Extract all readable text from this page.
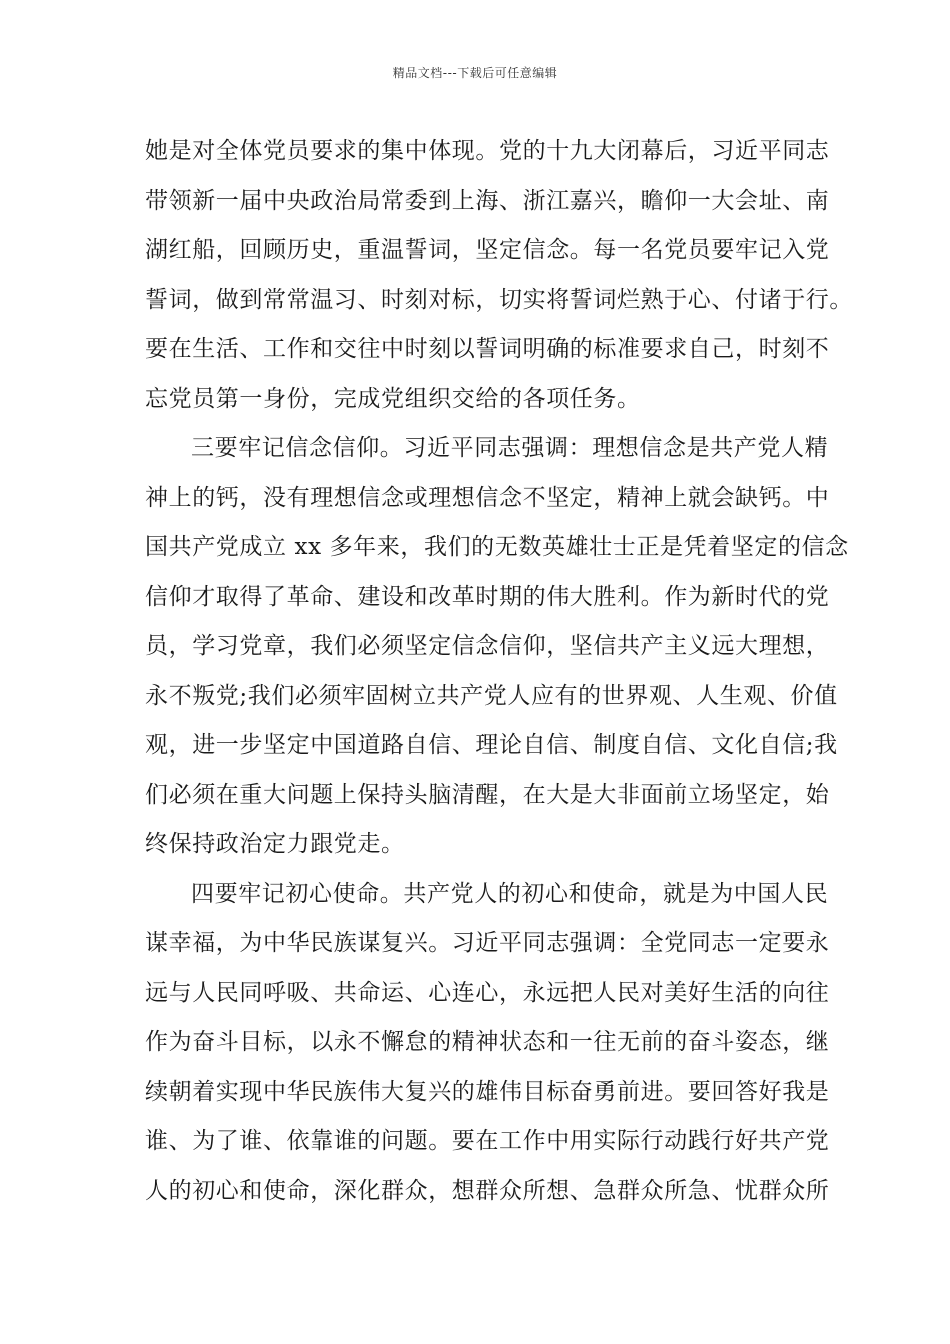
精品文档---下载后可任意编辑
她是对全体党员要求的集中体现。党的十九大闭幕后，习近平同志
带领新一届中央政治局常委到上海、浙江嘉兴，瞻仰一大会址、南
湖红船，回顾历史，重温誓词，坚定信念。每一名党员要牢记入党
誓词，做到常常温习、时刻对标，切实将誓词烂熟于心、付诸于行。
要在生活、工作和交往中时刻以誓词明确的标准要求自己，时刻不
忘党员第一身份，完成党组织交给的各项任务。
三要牢记信念信仰。习近平同志强调：理想信念是共产党人精
神上的钙，没有理想信念或理想信念不坚定，精神上就会缺钙。中
国共产党成立 xx 多年来，我们的无数英雄壮士正是凭着坚定的信念
信仰才取得了革命、建设和改革时期的伟大胜利。作为新时代的党
员，学习党章，我们必须坚定信念信仰，坚信共产主义远大理想，
永不叛党;我们必须牢固树立共产党人应有的世界观、人生观、价值
观，进一步坚定中国道路自信、理论自信、制度自信、文化自信;我
们必须在重大问题上保持头脑清醒，在大是大非面前立场坚定，始
终保持政治定力跟党走。
四要牢记初心使命。共产党人的初心和使命，就是为中国人民
谋幸福，为中华民族谋复兴。习近平同志强调：全党同志一定要永
远与人民同呼吸、共命运、心连心，永远把人民对美好生活的向往
作为奋斗目标，以永不懈怠的精神状态和一往无前的奋斗姿态，继
续朝着实现中华民族伟大复兴的雄伟目标奋勇前进。要回答好我是
谁、为了谁、依靠谁的问题。要在工作中用实际行动践行好共产党
人的初心和使命，深化群众，想群众所想、急群众所急、忧群众所
